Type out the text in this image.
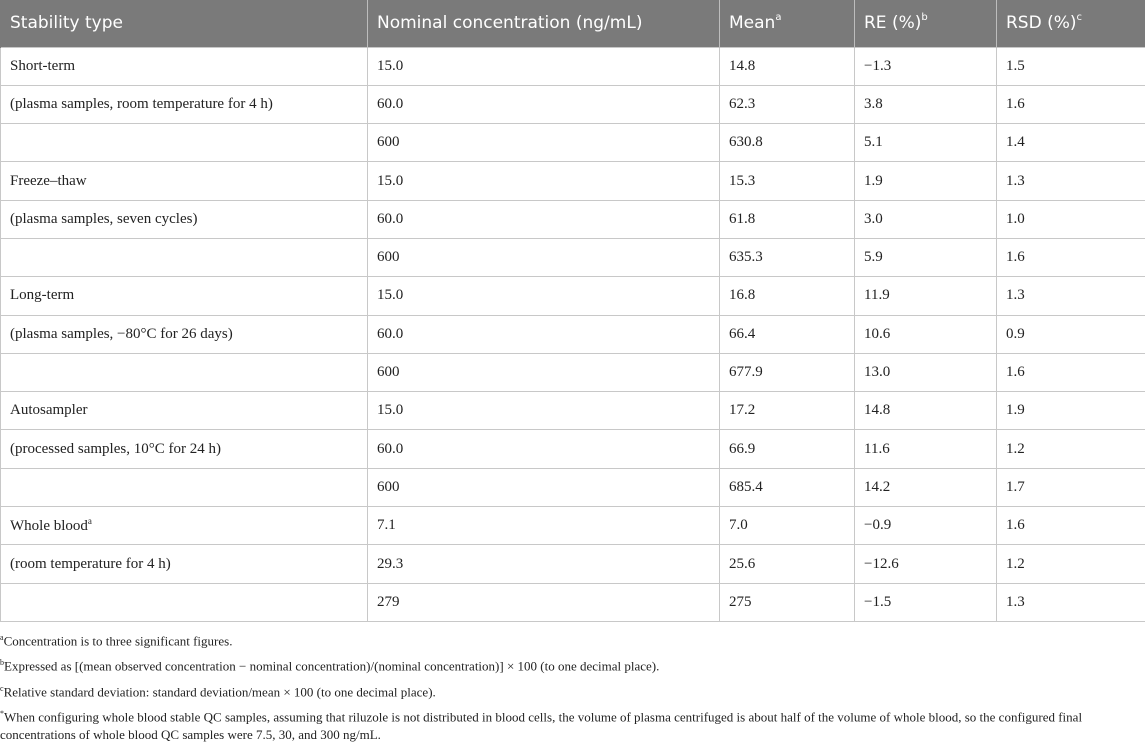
Stability type	Nominal concentration (ng/mL)	Mean$^a$	RE (%)$^b$	RSD (%)$^c$
Short-term	15.0	14.8	−1.3	1.5
(plasma samples, room temperature for 4 h)	60.0	62.3	3.8	1.6
	600	630.8	5.1	1.4
Freeze–thaw	15.0	15.3	1.9	1.3
(plasma samples, seven cycles)	60.0	61.8	3.0	1.0
	600	635.3	5.9	1.6
Long-term	15.0	16.8	11.9	1.3
(plasma samples, −80°C for 26 days)	60.0	66.4	10.6	0.9
	600	677.9	13.0	1.6
Autosampler	15.0	17.2	14.8	1.9
(processed samples, 10°C for 24 h)	60.0	66.9	11.6	1.2
	600	685.4	14.2	1.7
Whole blood$^a$	7.1	7.0	−0.9	1.6
(room temperature for 4 h)	29.3	25.6	−12.6	1.2
	279	275	−1.5	1.3

$^a$Concentration is to three significant figures.

$^b$Expressed as [(mean observed concentration − nominal concentration)/(nominal concentration)] × 100 (to one decimal place).

$^c$Relative standard deviation: standard deviation/mean × 100 (to one decimal place).

*When configuring whole blood stable QC samples, assuming that riluzole is not distributed in blood cells, the volume of plasma centrifuged is about half of the volume of whole blood, so the configured final concentrations of whole blood QC samples were 7.5, 30, and 300 ng/mL.
